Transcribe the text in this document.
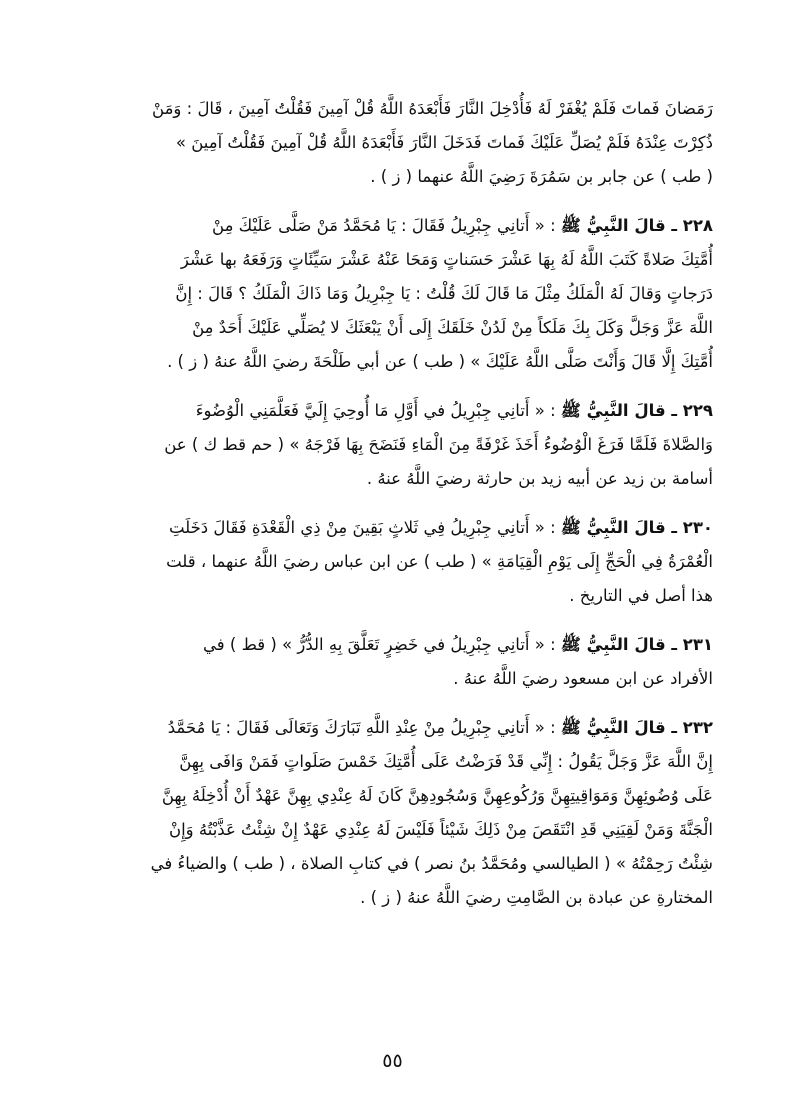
رَمَضانَ فَماتَ فَلَمْ يُغْفَرْ لَهُ فَأُدْخِلَ النَّارَ فَأَبْعَدَهُ اللَّهُ قُلْ آمِينَ فَقُلْتُ آمِينَ ، قَالَ : وَمَنْ
ذُكِرْتَ عِنْدَهُ فَلَمْ يُصَلِّ عَلَيْكَ فَماتَ فَدَخَلَ النَّارَ فَأَبْعَدَهُ اللَّهُ قُلْ آمِينَ فَقُلْتُ آمِينَ »
( طب ) عن جابر بن سَمُرَةَ رَضِيَ اللَّهُ عنهما ( ز ) .
٢٢٨ ـ قالَ النَّبِيُّ ﷺ : « أَتانِي جِبْرِيلُ فَقَالَ : يَا مُحَمَّدُ مَنْ صَلَّى عَلَيْكَ مِنْ
أُمَّتِكَ صَلاةً كَتَبَ اللَّهُ لَهُ بِهَا عَشْرَ حَسَناتٍ وَمَحَا عَنْهُ عَشْرَ سَيِّئَاتٍ وَرَفَعَهُ بها عَشْرَ
دَرَجاتٍ وَقالَ لَهُ الْمَلَكُ مِثْلَ مَا قَالَ لَكَ قُلْتُ : يَا جِبْرِيلُ وَمَا ذَاكَ الْمَلَكُ ؟ قَالَ : إِنَّ
اللَّهَ عَزَّ وَجَلَّ وَكَلَ بِكَ مَلَكاً مِنْ لَدُنْ خَلَقَكَ إِلَى أَنْ يَبْعَثَكَ لا يُصَلِّي عَلَيْكَ أَحَدٌ مِنْ
أُمَّتِكَ إِلَّا قَالَ وَأَنْتَ صَلَّى اللَّهُ عَلَيْكَ » ( طب ) عن أبي طَلْحَةَ رضيَ اللَّهُ عنهُ ( ز ) .
٢٢٩ ـ قالَ النَّبِيُّ ﷺ : « أَتانِي جِبْرِيلُ في أَوَّلِ مَا أُوحِيَ إِلَيَّ فَعَلَّمَنِي الْوُضُوءَ
وَالصَّلاةَ فَلَمَّا فَرَغَ الْوُضُوءُ أَخَذَ غَرْفَةً مِنَ الْمَاءِ فَنَضَحَ بِهَا فَرْجَهُ » ( حم قط ك ) عن
أسامة بن زيد عن أبيه زيد بن حارثة رضيَ اللَّهُ عنهُ .
٢٣٠ ـ قالَ النَّبِيُّ ﷺ : « أَتانِي جِبْرِيلُ فِي ثَلاثٍ بَقِينَ مِنْ ذِي الْقَعْدَةِ فَقَالَ دَخَلَتِ
الْعُمْرَةُ فِي الْحَجِّ إِلَى يَوْمِ الْقِيَامَةِ » ( طب ) عن ابن عباس رضيَ اللَّهُ عنهما ، قلت
هذا أصل في التاريخ .
٢٣١ ـ قالَ النَّبِيُّ ﷺ : « أَتانِي جِبْرِيلُ في خَضِرٍ تَعَلَّقَ بِهِ الدُّرُّ » ( قط ) في
الأفراد عن ابن مسعود رضيَ اللَّهُ عنهُ .
٢٣٢ ـ قالَ النَّبِيُّ ﷺ : « أَتانِي جِبْرِيلُ مِنْ عِنْدِ اللَّهِ تَبَارَكَ وَتَعَالَى فَقَالَ : يَا مُحَمَّدُ
إِنَّ اللَّهَ عَزَّ وَجَلَّ يَقُولُ : إِنِّي قَدْ فَرَضْتُ عَلَى أُمَّتِكَ خَمْسَ صَلَواتٍ فَمَنْ وَافَى بِهِنَّ
عَلَى وُضُوئِهِنَّ وَمَوَاقِيتِهِنَّ وَرُكُوعِهِنَّ وَسُجُودِهِنَّ كَانَ لَهُ عِنْدِي بِهِنَّ عَهْدٌ أَنْ أُدْخِلَهُ بِهِنَّ
الْجَنَّةَ وَمَنْ لَقِيَنِي قَدِ انْتَقَصَ مِنْ ذَلِكَ شَيْئاً فَلَيْسَ لَهُ عِنْدِي عَهْدٌ إِنْ شِئْتُ عَذَّبْتُهُ وَإِنْ
شِئْتُ رَحِمْتُهُ » ( الطيالسي ومُحَمَّدُ بنُ نصر ) في كتابِ الصلاة ، ( طب ) والضياءُ في
المختارةِ عن عبادة بن الصَّامِتِ رضيَ اللَّهُ عنهُ ( ز ) .
٥٥
